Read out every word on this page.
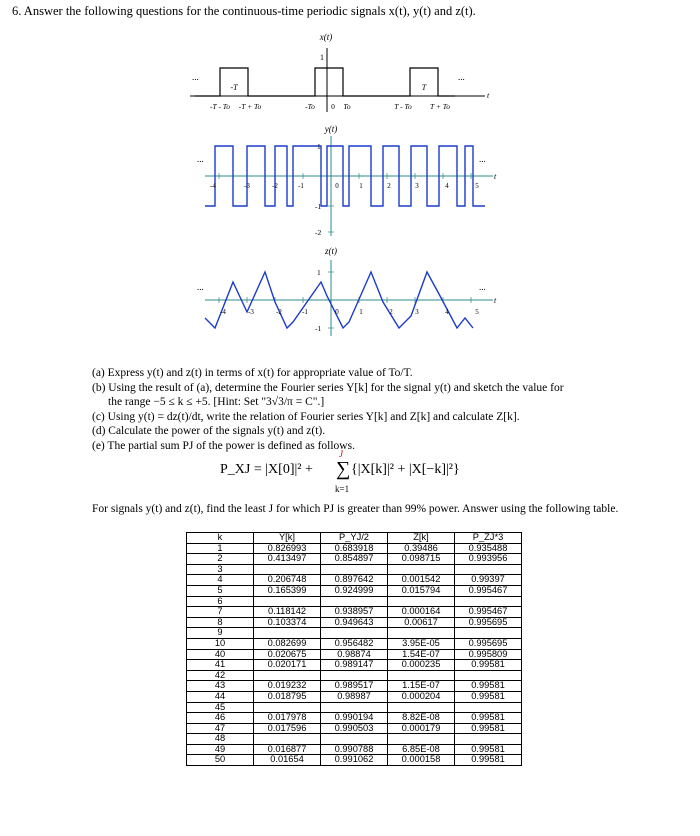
6. Answer the following questions for the continuous-time periodic signals x(t), y(t) and z(t).
x(t)
1
t
...	...
-T	T
-T - To -T + To	-To 0 To	T - To T + To
y(t)
1
-1
-2
t
...	...
-4	-3	-2	-1	0	1	2	3	4	5
z(t)
1
-1
t
...	...
-4	-3	-2	-1	0	1	2	3	4	5
(a) Express y(t) and z(t) in terms of x(t) for appropriate value of To/T.
(b) Using the result of (a), determine the Fourier series Y[k] for the signal y(t) and sketch the value for
the range −5 ≤ k ≤ +5. [Hint: Set "3√3/π = C".]
(c) Using y(t) = dz(t)/dt, write the relation of Fourier series Y[k] and Z[k] and calculate Z[k].
(d) Calculate the power of the signals y(t) and z(t).
(e) The partial sum PJ of the power is defined as follows.
P_XJ = |X[0]|² +
J
∑
k=1
{|X[k]|² + |X[−k]|²}
For signals y(t) and z(t), find the least J for which PJ is greater than 99% power. Answer using the following table.
k	Y[k]	P_YJ/2	Z[k]	P_ZJ*3
1	0.826993	0.683918	0.39486	0.935488
2	0.413497	0.854897	0.098715	0.993956
3				
4	0.206748	0.897642	0.001542	0.99397
5	0.165399	0.924999	0.015794	0.995467
6				
7	0.118142	0.938957	0.000164	0.995467
8	0.103374	0.949643	0.00617	0.995695
9				
10	0.082699	0.956482	3.95E-05	0.995695
40	0.020675	0.98874	1.54E-07	0.995809
41	0.020171	0.989147	0.000235	0.99581
42				
43	0.019232	0.989517	1.15E-07	0.99581
44	0.018795	0.98987	0.000204	0.99581
45				
46	0.017978	0.990194	8.82E-08	0.99581
47	0.017596	0.990503	0.000179	0.99581
48				
49	0.016877	0.990788	6.85E-08	0.99581
50	0.01654	0.991062	0.000158	0.99581
